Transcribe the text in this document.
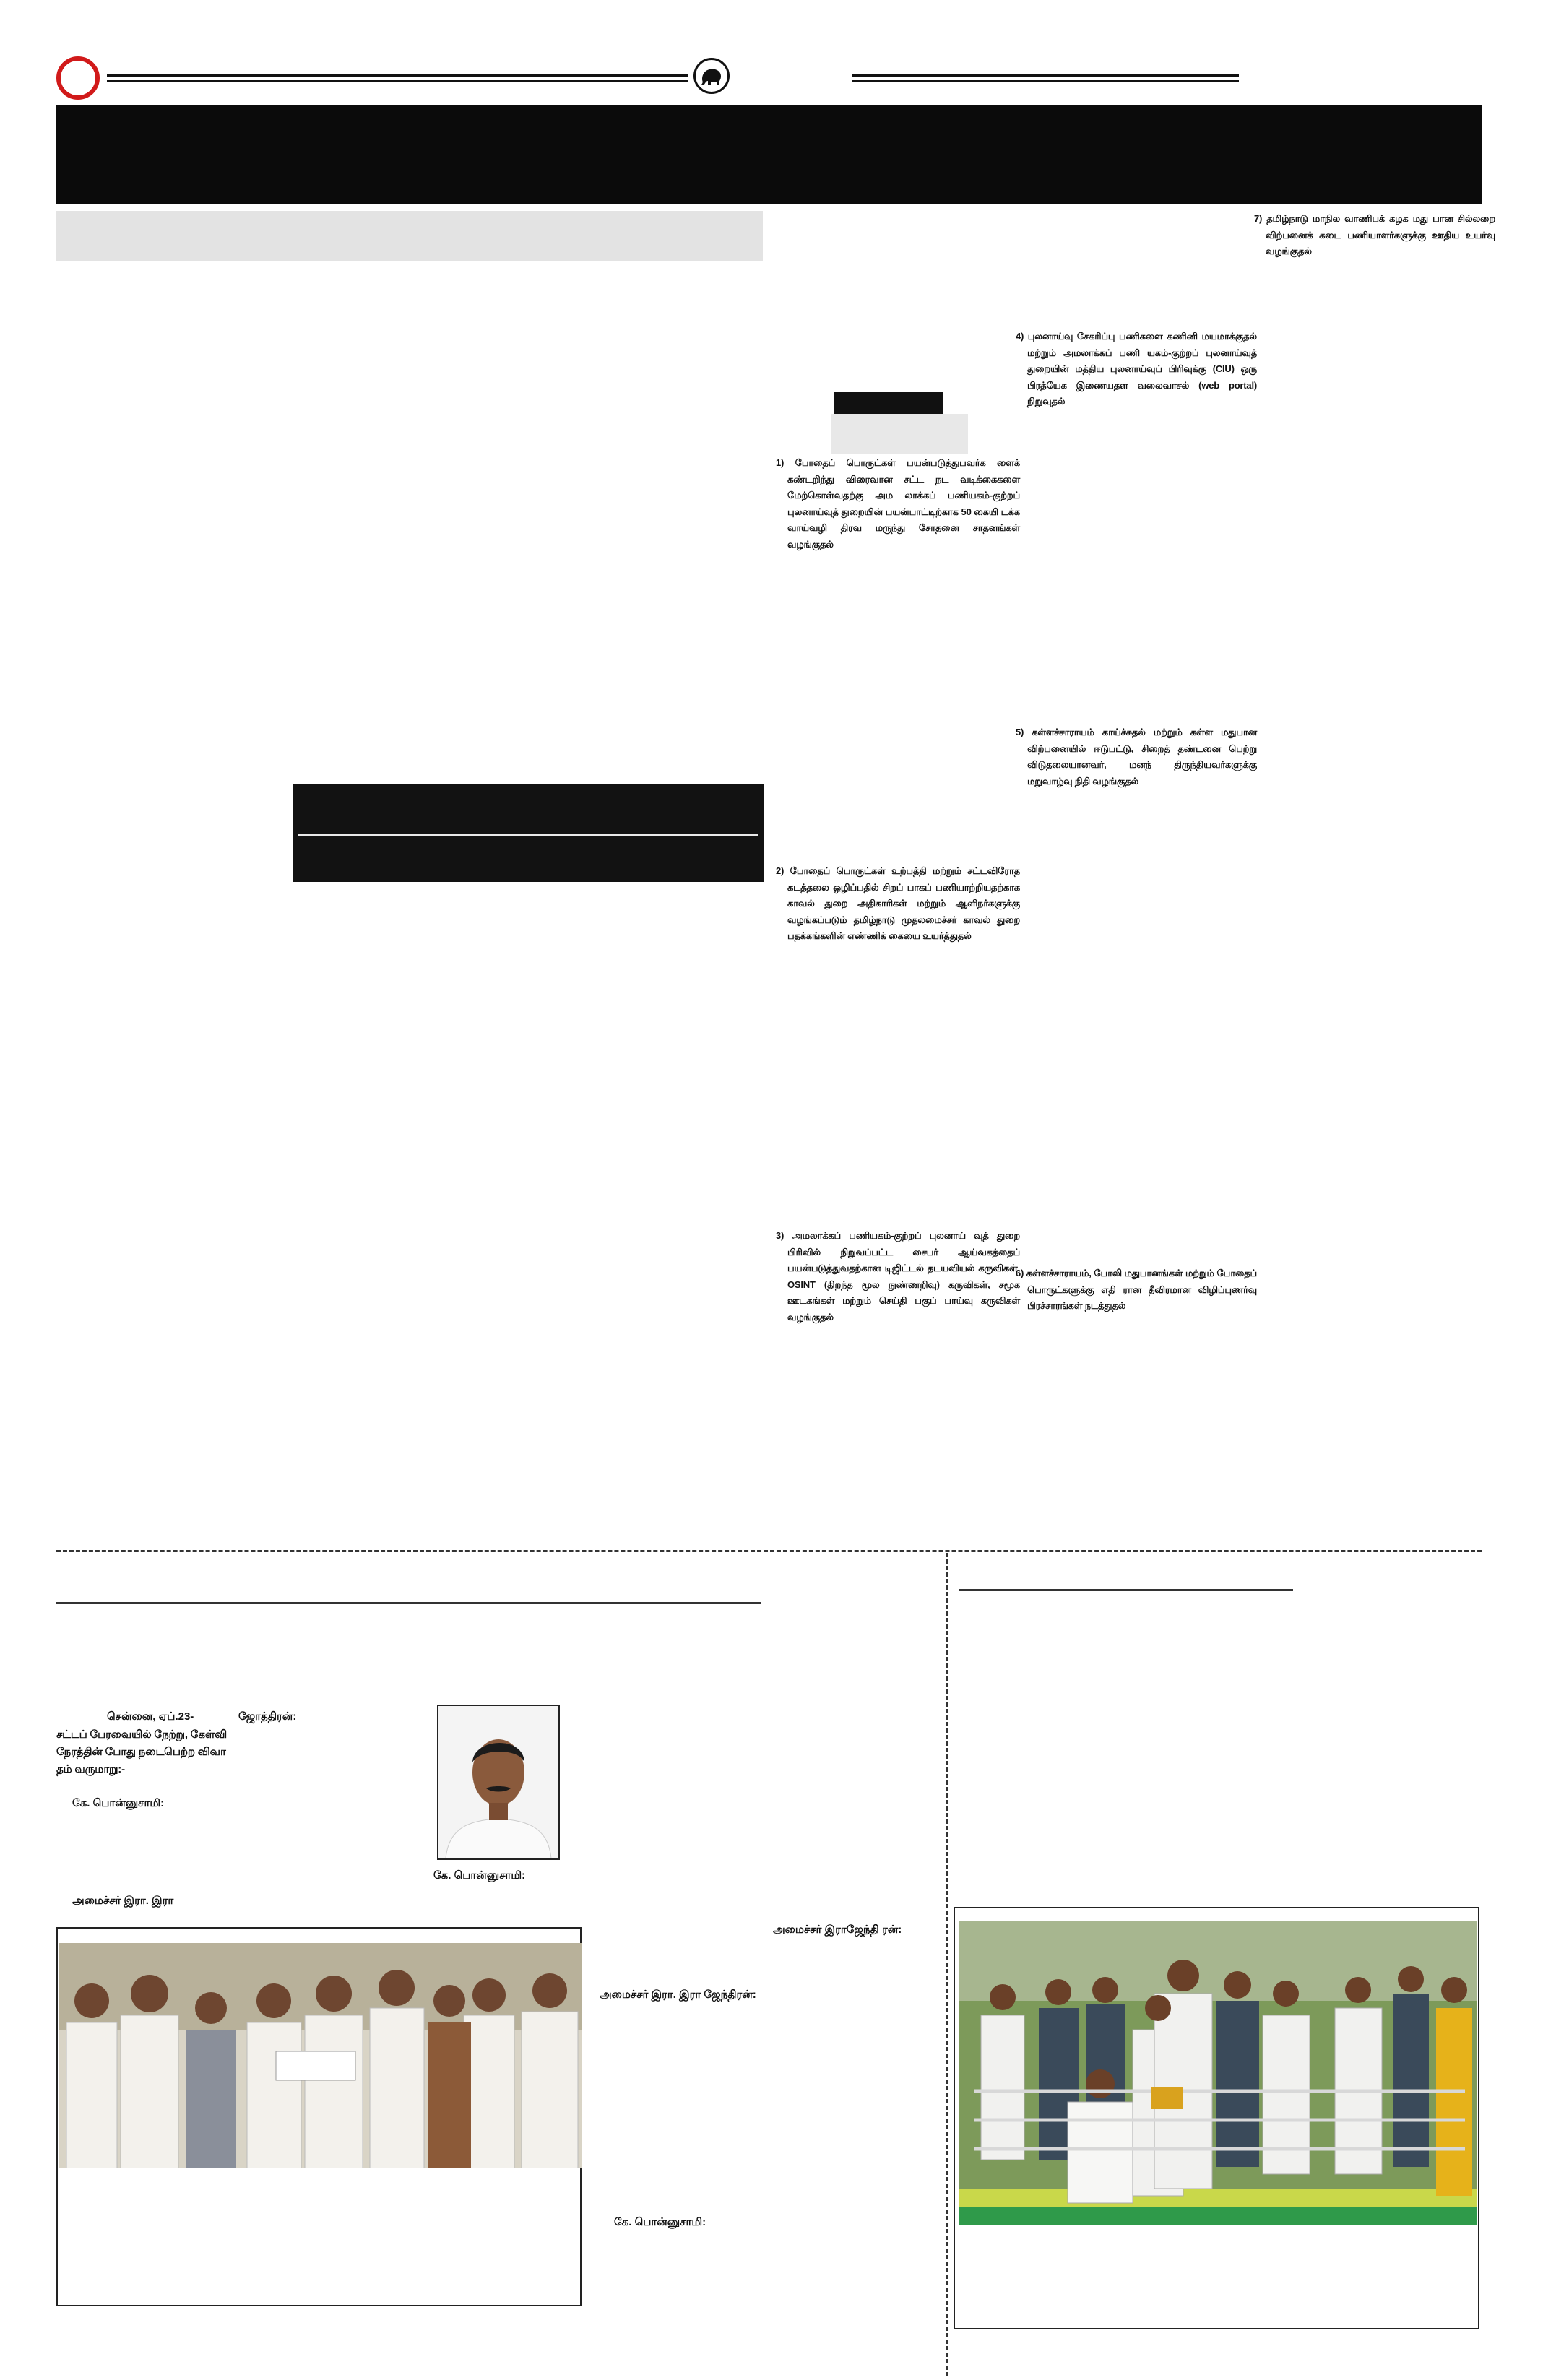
7) தமிழ்நாடு மாநில வாணிபக் கழக மது பான சில்லறை விற்பனைக் கடை பணியாளர்களுக்கு ஊதிய உயர்வு வழங்குதல்
1) போதைப் பொருட்கள் பயன்படுத்துபவர்க ளைக் கண்டறிந்து விரைவான சட்ட நட வடிக்கைகளை மேற்கொள்வதற்கு அம லாக்கப் பணியகம்-குற்றப் புலனாய்வுத் துறையின் பயன்பாட்டிற்காக 50 கையி டக்க வாய்வழி திரவ மருந்து சோதனை சாதனங்கள் வழங்குதல்
2) போதைப் பொருட்கள் உற்பத்தி மற்றும் சட்டவிரோத கடத்தலை ஒழிப்பதில் சிறப் பாகப் பணியாற்றியதற்காக காவல் துறை அதிகாரிகள் மற்றும் ஆளிநர்களுக்கு வழங்கப்படும் தமிழ்நாடு முதலமைச்சர் காவல் துறை பதக்கங்களின் எண்ணிக் கையை உயர்த்துதல்
3) அமலாக்கப் பணியகம்-குற்றப் புலனாய் வுத் துறை பிரிவில் நிறுவப்பட்ட சைபர் ஆய்வகத்தைப் பயன்படுத்துவதற்கான டிஜிட்டல் தடயவியல் கருவிகள், OSINT (திறந்த மூல நுண்ணறிவு) கருவிகள், சமூக ஊடகங்கள் மற்றும் செய்தி பகுப் பாய்வு கருவிகள் வழங்குதல்
4) புலனாய்வு சேகரிப்பு பணிகளை கணினி மயமாக்குதல் மற்றும் அமலாக்கப் பணி யகம்-குற்றப் புலனாய்வுத் துறையின் மத்திய புலனாய்வுப் பிரிவுக்கு (CIU) ஒரு பிரத்யேக இணையதள வலைவாசல் (web portal) நிறுவுதல்
5) கள்ளச்சாராயம் காய்ச்சுதல் மற்றும் கள்ள மதுபான விற்பனையில் ஈடுபட்டு, சிறைத் தண்டனை பெற்று விடுதலையானவர், மனந் திருந்தியவர்களுக்கு மறுவாழ்வு நிதி வழங்குதல்
6) கள்ளச்சாராயம், போலி மதுபானங்கள் மற்றும் போதைப் பொருட்களுக்கு எதி ரான தீவிரமான விழிப்புணர்வு பிரச்சாரங்கள் நடத்துதல்
சென்னை, ஏப்.23-	ஜோத்திரன்:
சட்டப் பேரவையில் நேற்று, கேள்வி நேரத்தின் போது நடைபெற்ற விவா தம் வருமாறு:-
கே. பொன்னுசாமி:
கே. பொன்னுசாமி:
அமைச்சர் இரா. இரா
அமைச்சர் இரா. இரா ஜேந்திரன்:
கே. பொன்னுசாமி:
அமைச்சர் இராஜேந்தி ரன்:
